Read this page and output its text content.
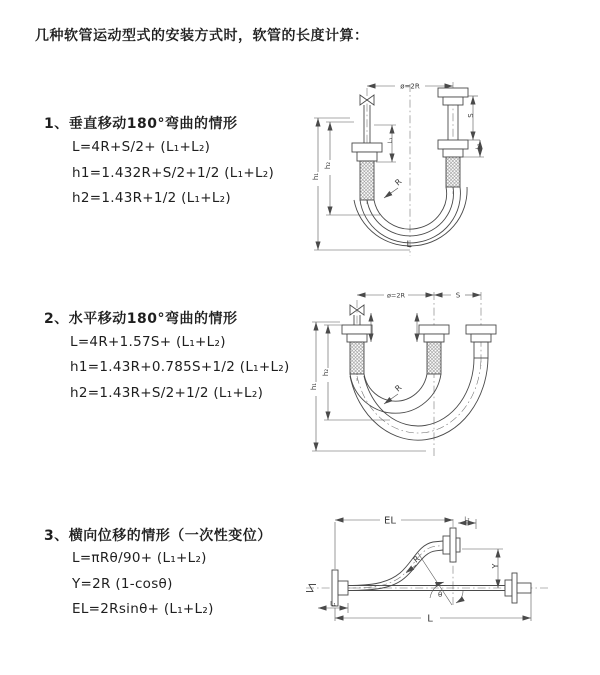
几种软管运动型式的安装方式时，软管的长度计算：
1、垂直移动180°弯曲的情形
L=4R+S/2+ (L₁+L₂)
h1=1.432R+S/2+1/2 (L₁+L₂)
h2=1.43R+1/2 (L₁+L₂)
2、水平移动180°弯曲的情形
L=4R+1.57S+ (L₁+L₂)
h1=1.43R+0.785S+1/2 (L₁+L₂)
h2=1.43R+S/2+1/2 (L₁+L₂)
3、横向位移的情形（一次性变位）
L=πRθ/90+ (L₁+L₂)
Y=2R (1-cosθ)
EL=2Rsinθ+ (L₁+L₂)
ø=2R
R
h₁
h₂
L₁
S
L₂
L
ø=2R	S
R
h₁
h₂
EL	L₂
Y
R
θ
L
L₁
